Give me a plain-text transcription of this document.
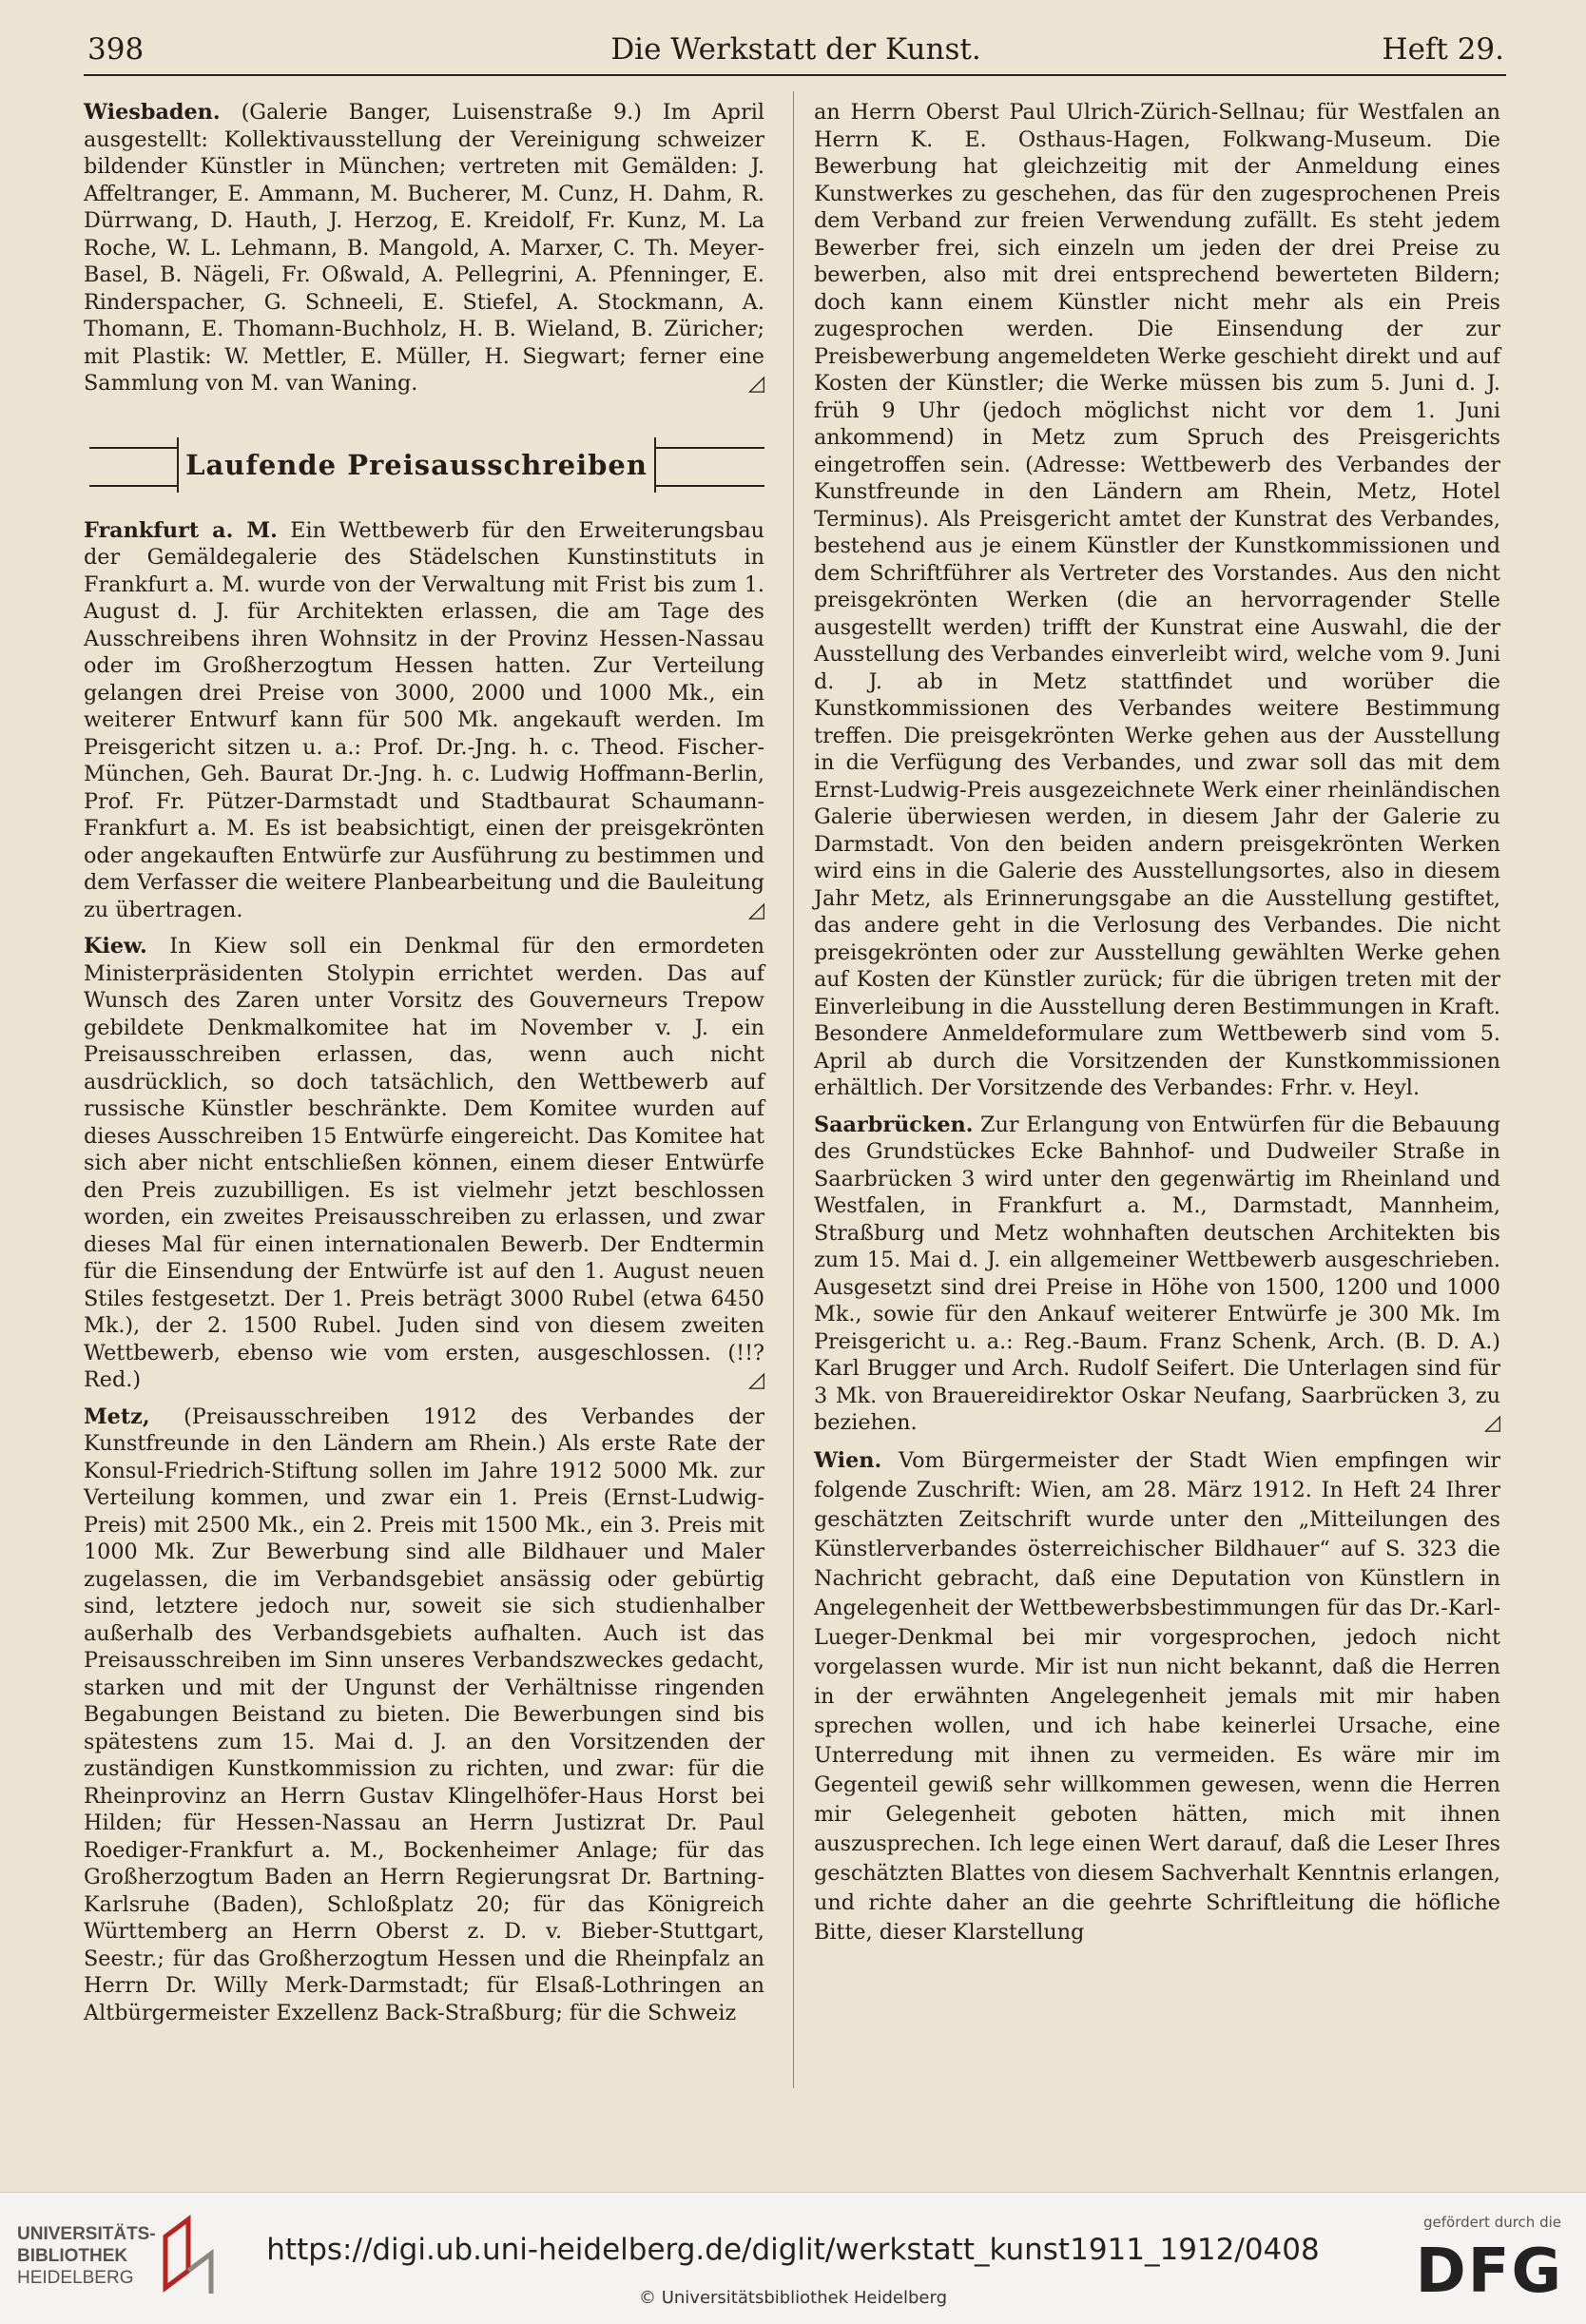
398	Die Werkstatt der Kunst.	Heft 29.

Wiesbaden. (Galerie Banger, Luisenstraße 9.) Im April ausgestellt: Kollektivausstellung der Vereinigung schweizer bildender Künstler in München; vertreten mit Gemälden: J. Affeltranger, E. Ammann, M. Bucherer, M. Cunz, H. Dahm, R. Dürrwang, D. Hauth, J. Herzog, E. Kreidolf, Fr. Kunz, M. La Roche, W. L. Lehmann, B. Mangold, A. Marxer, C. Th. Meyer-Basel, B. Nägeli, Fr. Oßwald, A. Pellegrini, A. Pfenninger, E. Rinderspacher, G. Schneeli, E. Stiefel, A. Stockmann, A. Thomann, E. Thomann-Buchholz, H. B. Wieland, B. Züricher; mit Plastik: W. Mettler, E. Müller, H. Siegwart; ferner eine Sammlung von M. van Waning.	◿

Laufende Preisausschreiben

Frankfurt a. M. Ein Wettbewerb für den Erweiterungsbau der Gemäldegalerie des Städelschen Kunstinstituts in Frankfurt a. M. wurde von der Verwaltung mit Frist bis zum 1. August d. J. für Architekten erlassen, die am Tage des Ausschreibens ihren Wohnsitz in der Provinz Hessen-Nassau oder im Großherzogtum Hessen hatten. Zur Verteilung gelangen drei Preise von 3000, 2000 und 1000 Mk., ein weiterer Entwurf kann für 500 Mk. angekauft werden. Im Preisgericht sitzen u. a.: Prof. Dr.-Jng. h. c. Theod. Fischer-München, Geh. Baurat Dr.-Jng. h. c. Ludwig Hoffmann-Berlin, Prof. Fr. Pützer-Darmstadt und Stadtbaurat Schaumann-Frankfurt a. M. Es ist beabsichtigt, einen der preisgekrönten oder angekauften Entwürfe zur Ausführung zu bestimmen und dem Verfasser die weitere Planbearbeitung und die Bauleitung zu übertragen.	◿

Kiew. In Kiew soll ein Denkmal für den ermordeten Ministerpräsidenten Stolypin errichtet werden. Das auf Wunsch des Zaren unter Vorsitz des Gouverneurs Trepow gebildete Denkmalkomitee hat im November v. J. ein Preisausschreiben erlassen, das, wenn auch nicht ausdrücklich, so doch tatsächlich, den Wettbewerb auf russische Künstler beschränkte. Dem Komitee wurden auf dieses Ausschreiben 15 Entwürfe eingereicht. Das Komitee hat sich aber nicht entschließen können, einem dieser Entwürfe den Preis zuzubilligen. Es ist vielmehr jetzt beschlossen worden, ein zweites Preisausschreiben zu erlassen, und zwar dieses Mal für einen internationalen Bewerb. Der Endtermin für die Einsendung der Entwürfe ist auf den 1. August neuen Stiles festgesetzt. Der 1. Preis beträgt 3000 Rubel (etwa 6450 Mk.), der 2. 1500 Rubel. Juden sind von diesem zweiten Wettbewerb, ebenso wie vom ersten, ausgeschlossen. (!!? Red.)	◿

Metz, (Preisausschreiben 1912 des Verbandes der Kunstfreunde in den Ländern am Rhein.) Als erste Rate der Konsul-Friedrich-Stiftung sollen im Jahre 1912 5000 Mk. zur Verteilung kommen, und zwar ein 1. Preis (Ernst-Ludwig-Preis) mit 2500 Mk., ein 2. Preis mit 1500 Mk., ein 3. Preis mit 1000 Mk. Zur Bewerbung sind alle Bildhauer und Maler zugelassen, die im Verbandsgebiet ansässig oder gebürtig sind, letztere jedoch nur, soweit sie sich studienhalber außerhalb des Verbandsgebiets aufhalten. Auch ist das Preisausschreiben im Sinn unseres Verbandszweckes gedacht, starken und mit der Ungunst der Verhältnisse ringenden Begabungen Beistand zu bieten. Die Bewerbungen sind bis spätestens zum 15. Mai d. J. an den Vorsitzenden der zuständigen Kunstkommission zu richten, und zwar: für die Rheinprovinz an Herrn Gustav Klingelhöfer-Haus Horst bei Hilden; für Hessen-Nassau an Herrn Justizrat Dr. Paul Roediger-Frankfurt a. M., Bockenheimer Anlage; für das Großherzogtum Baden an Herrn Regierungsrat Dr. Bartning-Karlsruhe (Baden), Schloßplatz 20; für das Königreich Württemberg an Herrn Oberst z. D. v. Bieber-Stuttgart, Seestr.; für das Großherzogtum Hessen und die Rheinpfalz an Herrn Dr. Willy Merk-Darmstadt; für Elsaß-Lothringen an Altbürgermeister Exzellenz Back-Straßburg; für die Schweiz

an Herrn Oberst Paul Ulrich-Zürich-Sellnau; für Westfalen an Herrn K. E. Osthaus-Hagen, Folkwang-Museum. Die Bewerbung hat gleichzeitig mit der Anmeldung eines Kunstwerkes zu geschehen, das für den zugesprochenen Preis dem Verband zur freien Verwendung zufällt. Es steht jedem Bewerber frei, sich einzeln um jeden der drei Preise zu bewerben, also mit drei entsprechend bewerteten Bildern; doch kann einem Künstler nicht mehr als ein Preis zugesprochen werden. Die Einsendung der zur Preisbewerbung angemeldeten Werke geschieht direkt und auf Kosten der Künstler; die Werke müssen bis zum 5. Juni d. J. früh 9 Uhr (jedoch möglichst nicht vor dem 1. Juni ankommend) in Metz zum Spruch des Preisgerichts eingetroffen sein. (Adresse: Wettbewerb des Verbandes der Kunstfreunde in den Ländern am Rhein, Metz, Hotel Terminus). Als Preisgericht amtet der Kunstrat des Verbandes, bestehend aus je einem Künstler der Kunstkommissionen und dem Schriftführer als Vertreter des Vorstandes. Aus den nicht preisgekrönten Werken (die an hervorragender Stelle ausgestellt werden) trifft der Kunstrat eine Auswahl, die der Ausstellung des Verbandes einverleibt wird, welche vom 9. Juni d. J. ab in Metz stattfindet und worüber die Kunstkommissionen des Verbandes weitere Bestimmung treffen. Die preisgekrönten Werke gehen aus der Ausstellung in die Verfügung des Verbandes, und zwar soll das mit dem Ernst-Ludwig-Preis ausgezeichnete Werk einer rheinländischen Galerie überwiesen werden, in diesem Jahr der Galerie zu Darmstadt. Von den beiden andern preisgekrönten Werken wird eins in die Galerie des Ausstellungsortes, also in diesem Jahr Metz, als Erinnerungsgabe an die Ausstellung gestiftet, das andere geht in die Verlosung des Verbandes. Die nicht preisgekrönten oder zur Ausstellung gewählten Werke gehen auf Kosten der Künstler zurück; für die übrigen treten mit der Einverleibung in die Ausstellung deren Bestimmungen in Kraft. Besondere Anmeldeformulare zum Wettbewerb sind vom 5. April ab durch die Vorsitzenden der Kunstkommissionen erhältlich. Der Vorsitzende des Verbandes: Frhr. v. Heyl.

Saarbrücken. Zur Erlangung von Entwürfen für die Bebauung des Grundstückes Ecke Bahnhof- und Dudweiler Straße in Saarbrücken 3 wird unter den gegenwärtig im Rheinland und Westfalen, in Frankfurt a. M., Darmstadt, Mannheim, Straßburg und Metz wohnhaften deutschen Architekten bis zum 15. Mai d. J. ein allgemeiner Wettbewerb ausgeschrieben. Ausgesetzt sind drei Preise in Höhe von 1500, 1200 und 1000 Mk., sowie für den Ankauf weiterer Entwürfe je 300 Mk. Im Preisgericht u. a.: Reg.-Baum. Franz Schenk, Arch. (B. D. A.) Karl Brugger und Arch. Rudolf Seifert. Die Unterlagen sind für 3 Mk. von Brauereidirektor Oskar Neufang, Saarbrücken 3, zu beziehen.	◿

Wien. Vom Bürgermeister der Stadt Wien empfingen wir folgende Zuschrift: Wien, am 28. März 1912. In Heft 24 Ihrer geschätzten Zeitschrift wurde unter den „Mitteilungen des Künstlerverbandes österreichischer Bildhauer“ auf S. 323 die Nachricht gebracht, daß eine Deputation von Künstlern in Angelegenheit der Wettbewerbsbestimmungen für das Dr.-Karl-Lueger-Denkmal bei mir vorgesprochen, jedoch nicht vorgelassen wurde. Mir ist nun nicht bekannt, daß die Herren in der erwähnten Angelegenheit jemals mit mir haben sprechen wollen, und ich habe keinerlei Ursache, eine Unterredung mit ihnen zu vermeiden. Es wäre mir im Gegenteil gewiß sehr willkommen gewesen, wenn die Herren mir Gelegenheit geboten hätten, mich mit ihnen auszusprechen. Ich lege einen Wert darauf, daß die Leser Ihres geschätzten Blattes von diesem Sachverhalt Kenntnis erlangen, und richte daher an die geehrte Schriftleitung die höfliche Bitte, dieser Klarstellung

UNIVERSITÄTS-
BIBLIOTHEK
HEIDELBERG
https://digi.ub.uni-heidelberg.de/diglit/werkstatt_kunst1911_1912/0408
© Universitätsbibliothek Heidelberg
gefördert durch die
DFG
